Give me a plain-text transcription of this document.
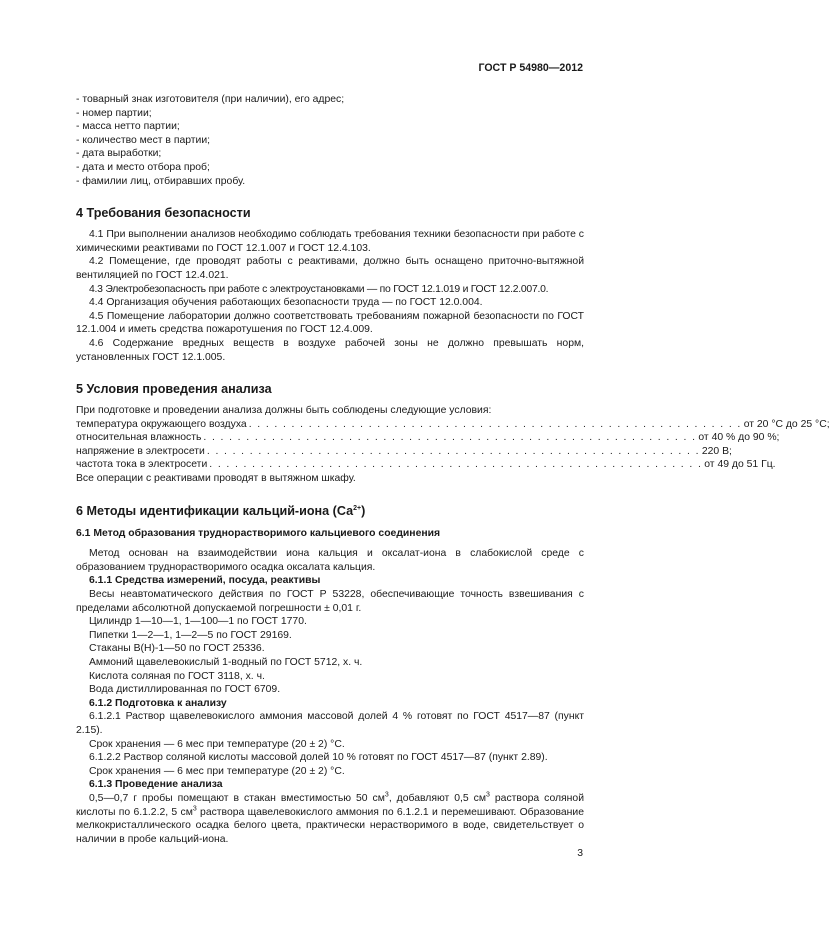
ГОСТ Р 54980—2012
- товарный знак изготовителя (при наличии), его адрес;
- номер партии;
- масса нетто партии;
- количество мест в партии;
- дата выработки;
- дата и место отбора проб;
- фамилии лиц, отбиравших пробу.
4 Требования безопасности

4.1 При выполнении анализов необходимо соблюдать требования техники безопасности при работе с химическими реактивами по ГОСТ 12.1.007 и ГОСТ 12.4.103.

4.2 Помещение, где проводят работы с реактивами, должно быть оснащено приточно-вытяжной вентиляцией по ГОСТ 12.4.021.

4.3 Электробезопасность при работе с электроустановками — по ГОСТ 12.1.019 и ГОСТ 12.2.007.0.

4.4 Организация обучения работающих безопасности труда — по ГОСТ 12.0.004.

4.5 Помещение лаборатории должно соответствовать требованиям пожарной безопасности по ГОСТ 12.1.004 и иметь средства пожаротушения по ГОСТ 12.4.009.

4.6 Содержание вредных веществ в воздухе рабочей зоны не должно превышать норм, установленных ГОСТ 12.1.005.

5 Условия проведения анализа

При подготовке и проведении анализа должны быть соблюдены следующие условия:

температура окружающего воздуха . . . . . . . . . . . . . . . . . . . . . . . . . . . . . . . . . . . . . . . . . . . . . . . . . . . . . . . . . . от 20 °С до 25 °С;
относительная влажность . . . . . . . . . . . . . . . . . . . . . . . . . . . . . . . . . . . . . . . . . . . . . . . . . . . . . . . . . . от 40 % до 90 %;
напряжение в электросети . . . . . . . . . . . . . . . . . . . . . . . . . . . . . . . . . . . . . . . . . . . . . . . . . . . . . . . . . . 220 В;
частота тока в электросети . . . . . . . . . . . . . . . . . . . . . . . . . . . . . . . . . . . . . . . . . . . . . . . . . . . . . . . . . . от 49 до 51 Гц.

Все операции с реактивами проводят в вытяжном шкафу.

6 Методы идентификации кальций-иона $(Са^{2+})$
6.1 Метод образования труднорастворимого кальциевого соединения

Метод основан на взаимодействии иона кальция и оксалат-иона в слабокислой среде с образованием труднорастворимого осадка оксалата кальция.

6.1.1 Средства измерений, посуда, реактивы

Весы неавтоматического действия по ГОСТ Р 53228, обеспечивающие точность взвешивания с пределами абсолютной допускаемой погрешности ± 0,01 г.

Цилиндр 1—10—1, 1—100—1 по ГОСТ 1770.

Пипетки 1—2—1, 1—2—5 по ГОСТ 29169.

Стаканы В(Н)-1—50 по ГОСТ 25336.

Аммоний щавелевокислый 1-водный по ГОСТ 5712, х. ч.

Кислота соляная по ГОСТ 3118, х. ч.

Вода дистиллированная по ГОСТ 6709.

6.1.2 Подготовка к анализу

6.1.2.1 Раствор щавелевокислого аммония массовой долей 4 % готовят по ГОСТ 4517—87 (пункт 2.15).

Срок хранения — 6 мес при температуре (20 ± 2) °С.

6.1.2.2 Раствор соляной кислоты массовой долей 10 % готовят по ГОСТ 4517—87 (пункт 2.89).

Срок хранения — 6 мес при температуре (20 ± 2) °С.

6.1.3 Проведение анализа

0,5—0,7 г пробы помещают в стакан вместимостью 50 $см^3$, добавляют 0,5 $см^3$ раствора соляной кислоты по 6.1.2.2, 5 $см^3$ раствора щавелевокислого аммония по 6.1.2.1 и перемешивают. Образование мелкокристаллического осадка белого цвета, практически нерастворимого в воде, свидетельствует о наличии в пробе кальций-иона.

3
